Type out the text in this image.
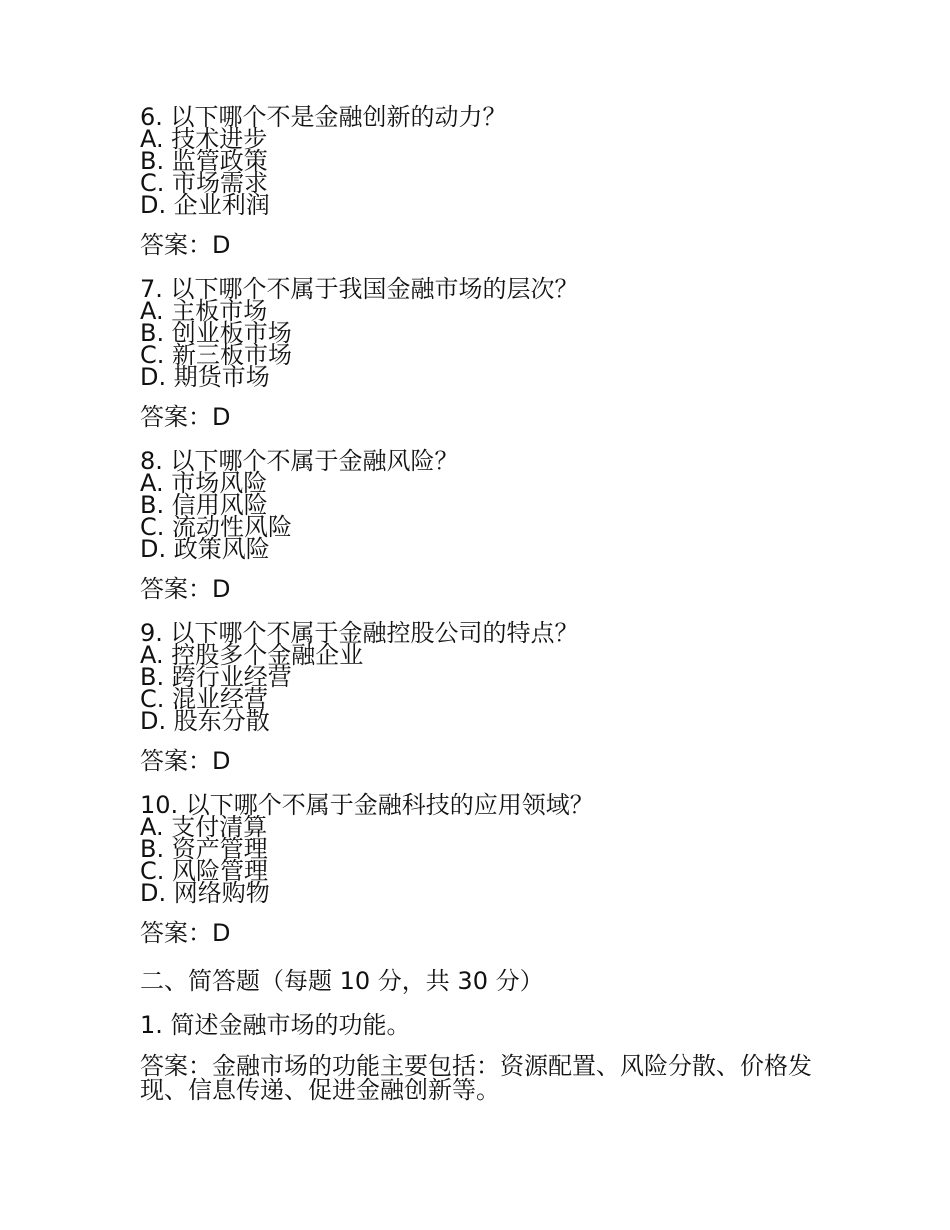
6. 以下哪个不是金融创新的动力？

A. 技术进步

B. 监管政策

C. 市场需求

D. 企业利润

答案：D

7. 以下哪个不属于我国金融市场的层次？

A. 主板市场

B. 创业板市场

C. 新三板市场

D. 期货市场

答案：D

8. 以下哪个不属于金融风险？

A. 市场风险

B. 信用风险

C. 流动性风险

D. 政策风险

答案：D

9. 以下哪个不属于金融控股公司的特点？

A. 控股多个金融企业

B. 跨行业经营

C. 混业经营

D. 股东分散

答案：D

10. 以下哪个不属于金融科技的应用领域？

A. 支付清算

B. 资产管理

C. 风险管理

D. 网络购物

答案：D

二、简答题（每题 10 分，共 30 分）

1. 简述金融市场的功能。

答案：金融市场的功能主要包括：资源配置、风险分散、价格发现、信息传递、促进金融创新等。
